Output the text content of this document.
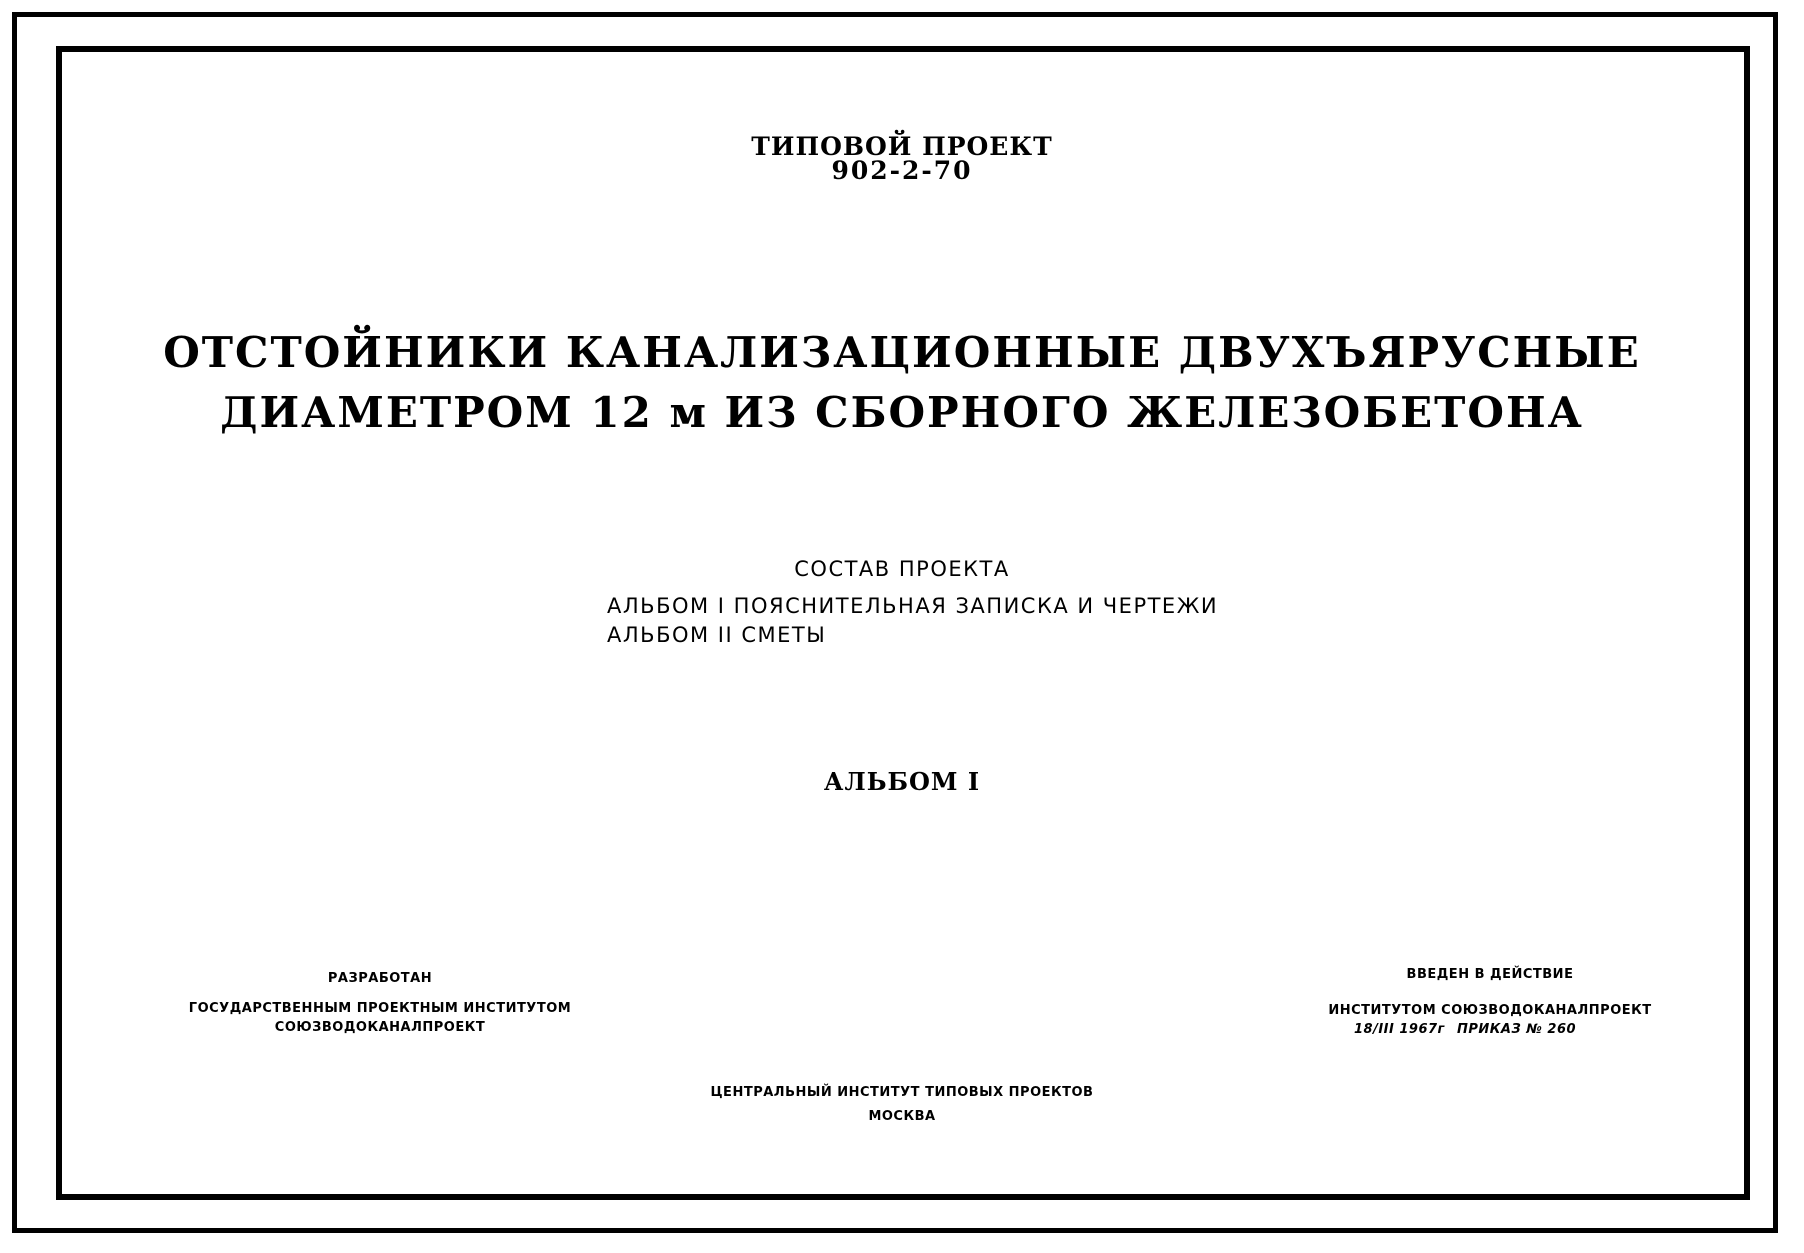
ТИПОВОЙ ПРОЕКТ
902-2-70
ОТСТОЙНИКИ КАНАЛИЗАЦИОННЫЕ ДВУХЪЯРУСНЫЕ
ДИАМЕТРОМ 12 м ИЗ СБОРНОГО ЖЕЛЕЗОБЕТОНА
СОСТАВ ПРОЕКТА
АЛЬБОМ I ПОЯСНИТЕЛЬНАЯ ЗАПИСКА И ЧЕРТЕЖИ
АЛЬБОМ II СМЕТЫ
АЛЬБОМ I
РАЗРАБОТАН
ГОСУДАРСТВЕННЫМ ПРОЕКТНЫМ ИНСТИТУТОМ
СОЮЗВОДОКАНАЛПРОЕКТ
ВВЕДЕН В ДЕЙСТВИЕ
ИНСТИТУТОМ СОЮЗВОДОКАНАЛПРОЕКТ
18/III 1967г ПРИКАЗ № 260
ЦЕНТРАЛЬНЫЙ ИНСТИТУТ ТИПОВЫХ ПРОЕКТОВ
МОСКВА
